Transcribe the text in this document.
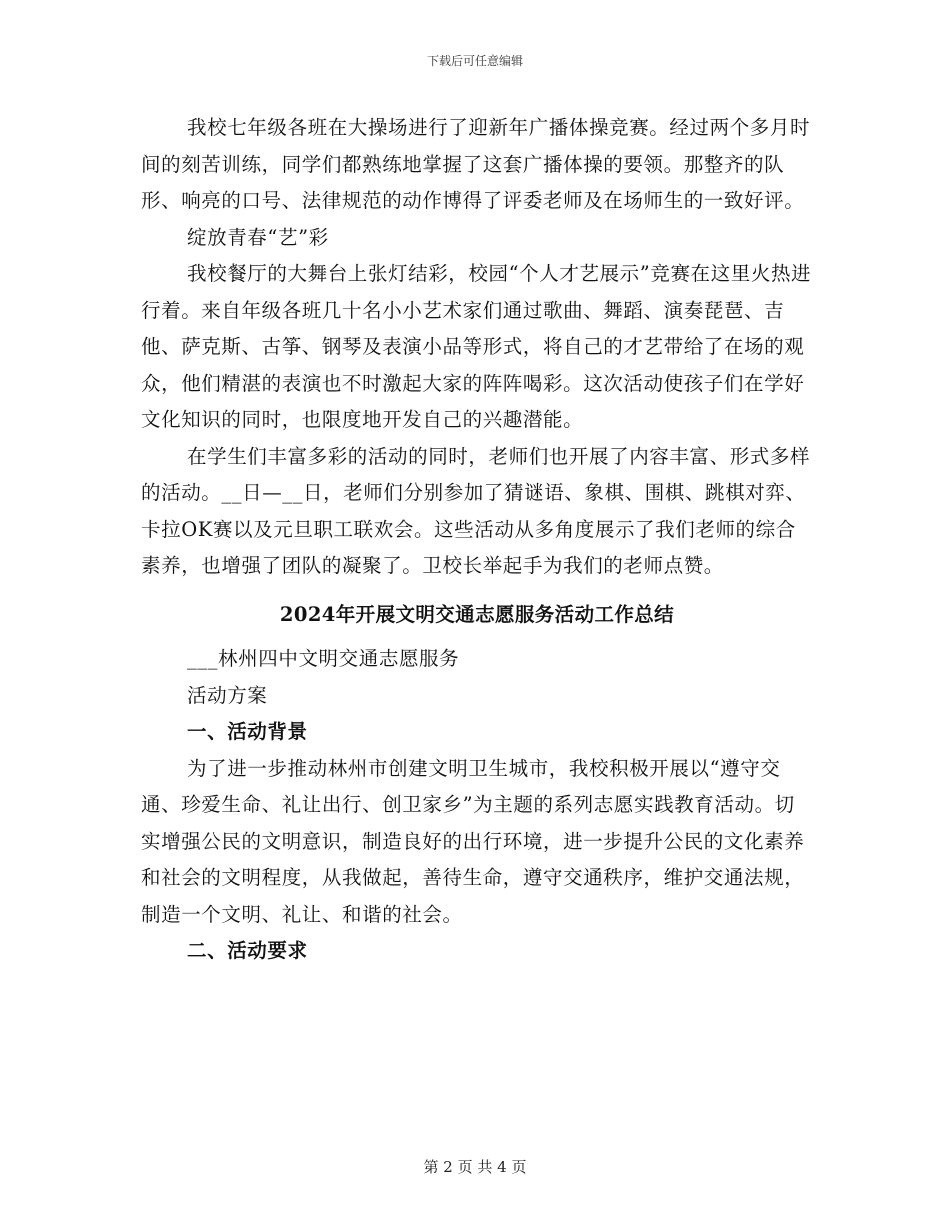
下载后可任意编辑

我校七年级各班在大操场进行了迎新年广播体操竞赛。经过两个多月时间的刻苦训练，同学们都熟练地掌握了这套广播体操的要领。那整齐的队形、响亮的口号、法律规范的动作博得了评委老师及在场师生的一致好评。

绽放青春“艺”彩

我校餐厅的大舞台上张灯结彩，校园“个人才艺展示”竞赛在这里火热进行着。来自年级各班几十名小小艺术家们通过歌曲、舞蹈、演奏琵琶、吉他、萨克斯、古筝、钢琴及表演小品等形式，将自己的才艺带给了在场的观众，他们精湛的表演也不时激起大家的阵阵喝彩。这次活动使孩子们在学好文化知识的同时，也限度地开发自己的兴趣潜能。

在学生们丰富多彩的活动的同时，老师们也开展了内容丰富、形式多样的活动。__日—__日，老师们分别参加了猜谜语、象棋、围棋、跳棋对弈、卡拉OK赛以及元旦职工联欢会。这些活动从多角度展示了我们老师的综合素养，也增强了团队的凝聚了。卫校长举起手为我们的老师点赞。

2024年开展文明交通志愿服务活动工作总结

___林州四中文明交通志愿服务

活动方案

一、活动背景

为了进一步推动林州市创建文明卫生城市，我校积极开展以“遵守交通、珍爱生命、礼让出行、创卫家乡”为主题的系列志愿实践教育活动。切实增强公民的文明意识，制造良好的出行环境，进一步提升公民的文化素养和社会的文明程度，从我做起，善待生命，遵守交通秩序，维护交通法规，制造一个文明、礼让、和谐的社会。

二、活动要求

第 2 页 共 4 页
